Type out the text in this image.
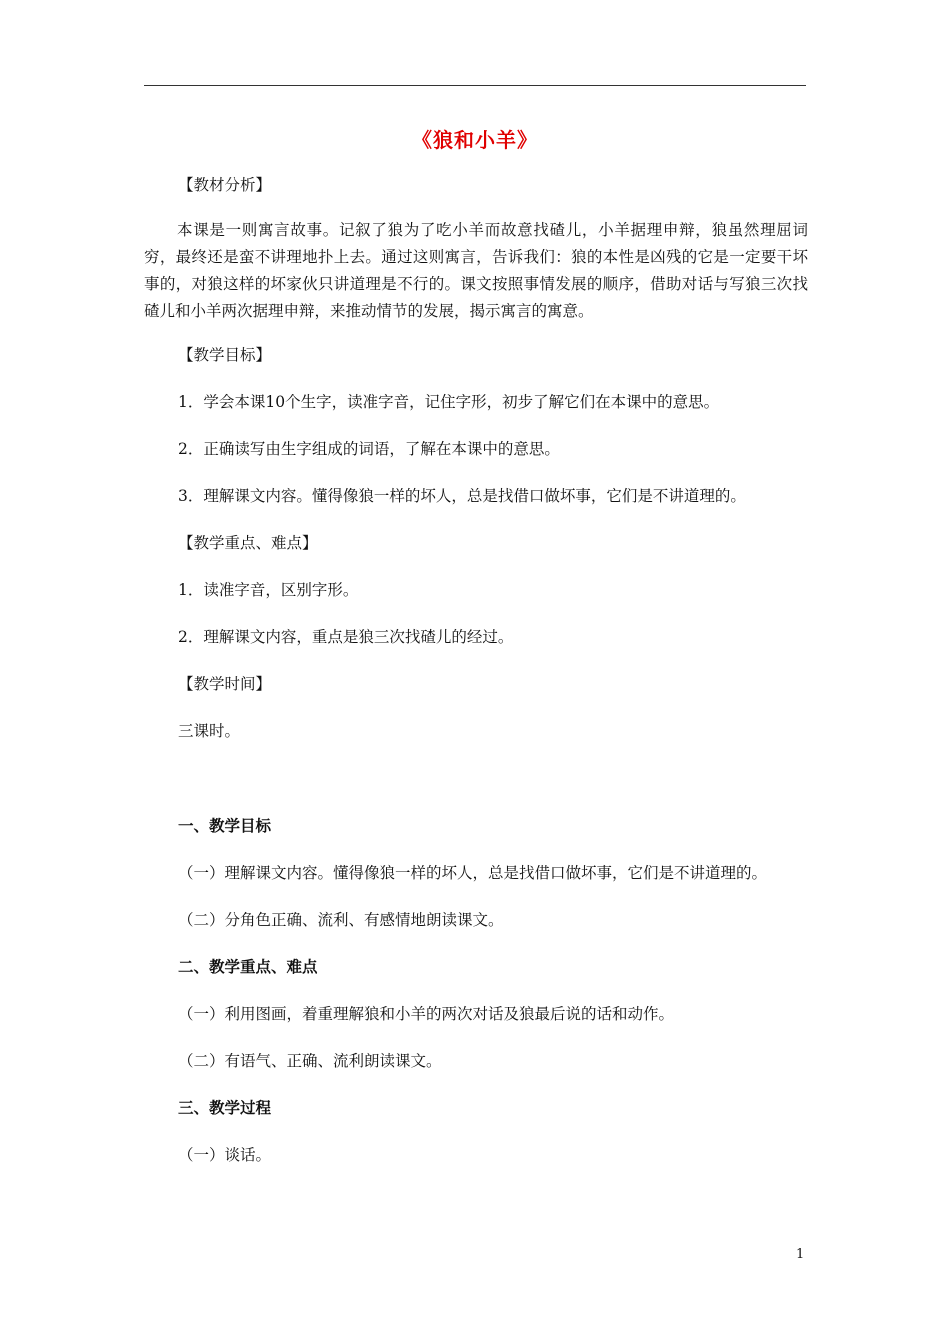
《狼和小羊》
【教材分析】
本课是一则寓言故事。记叙了狼为了吃小羊而故意找碴儿，小羊据理申辩，狼虽然理屈词穷，最终还是蛮不讲理地扑上去。通过这则寓言，告诉我们：狼的本性是凶残的它是一定要干坏事的，对狼这样的坏家伙只讲道理是不行的。课文按照事情发展的顺序，借助对话与写狼三次找碴儿和小羊两次据理申辩，来推动情节的发展，揭示寓言的寓意。
【教学目标】
1．学会本课10个生字，读准字音，记住字形，初步了解它们在本课中的意思。
2．正确读写由生字组成的词语，了解在本课中的意思。
3．理解课文内容。懂得像狼一样的坏人，总是找借口做坏事，它们是不讲道理的。
【教学重点、难点】
1．读准字音，区别字形。
2．理解课文内容，重点是狼三次找碴儿的经过。
【教学时间】
三课时。
一、教学目标
（一）理解课文内容。懂得像狼一样的坏人，总是找借口做坏事，它们是不讲道理的。
（二）分角色正确、流利、有感情地朗读课文。
二、教学重点、难点
（一）利用图画，着重理解狼和小羊的两次对话及狼最后说的话和动作。
（二）有语气、正确、流利朗读课文。
三、教学过程
（一）谈话。
1
